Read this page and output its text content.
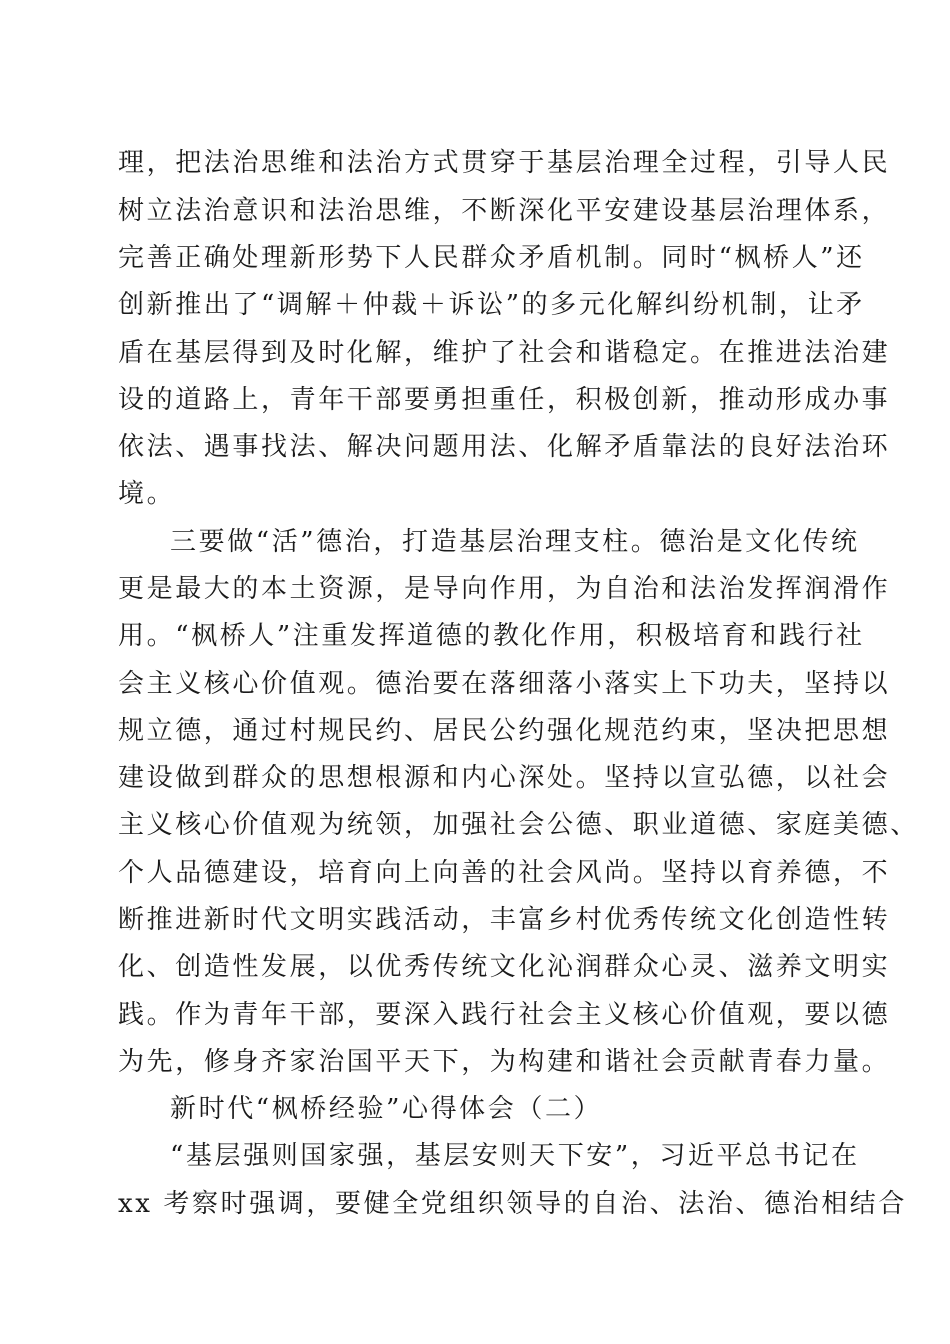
理，把法治思维和法治方式贯穿于基层治理全过程，引导人民
树立法治意识和法治思维，不断深化平安建设基层治理体系，
完善正确处理新形势下人民群众矛盾机制。同时“枫桥人”还
创新推出了“调解＋仲裁＋诉讼”的多元化解纠纷机制，让矛
盾在基层得到及时化解，维护了社会和谐稳定。在推进法治建
设的道路上，青年干部要勇担重任，积极创新，推动形成办事
依法、遇事找法、解决问题用法、化解矛盾靠法的良好法治环
境。
三要做“活”德治，打造基层治理支柱。德治是文化传统
更是最大的本土资源，是导向作用，为自治和法治发挥润滑作
用。“枫桥人”注重发挥道德的教化作用，积极培育和践行社
会主义核心价值观。德治要在落细落小落实上下功夫，坚持以
规立德，通过村规民约、居民公约强化规范约束，坚决把思想
建设做到群众的思想根源和内心深处。坚持以宣弘德，以社会
主义核心价值观为统领，加强社会公德、职业道德、家庭美德、
个人品德建设，培育向上向善的社会风尚。坚持以育养德，不
断推进新时代文明实践活动，丰富乡村优秀传统文化创造性转
化、创造性发展，以优秀传统文化沁润群众心灵、滋养文明实
践。作为青年干部，要深入践行社会主义核心价值观，要以德
为先，修身齐家治国平天下，为构建和谐社会贡献青春力量。
新时代“枫桥经验”心得体会（二）
“基层强则国家强，基层安则天下安”，习近平总书记在
xx 考察时强调，要健全党组织领导的自治、法治、德治相结合
